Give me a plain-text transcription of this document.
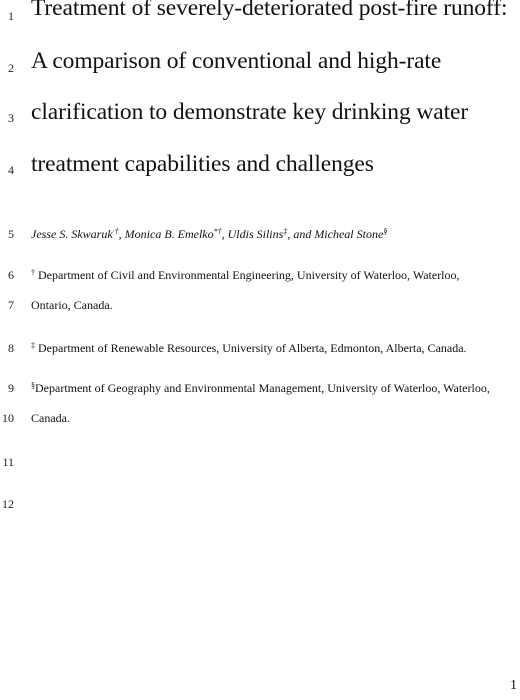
1
2
3
4
5
6
7
8
9
10
11
12
Treatment of severely-deteriorated post-fire runoff:
A comparison of conventional and high-rate
clarification to demonstrate key drinking water
treatment capabilities and challenges
Jesse S. Skwaruk·†, Monica B. Emelko*†, Uldis Silins‡, and Micheal Stone§
† Department of Civil and Environmental Engineering, University of Waterloo, Waterloo,
Ontario, Canada.
‡ Department of Renewable Resources, University of Alberta, Edmonton, Alberta, Canada.
§Department of Geography and Environmental Management, University of Waterloo, Waterloo,
Canada.
1
